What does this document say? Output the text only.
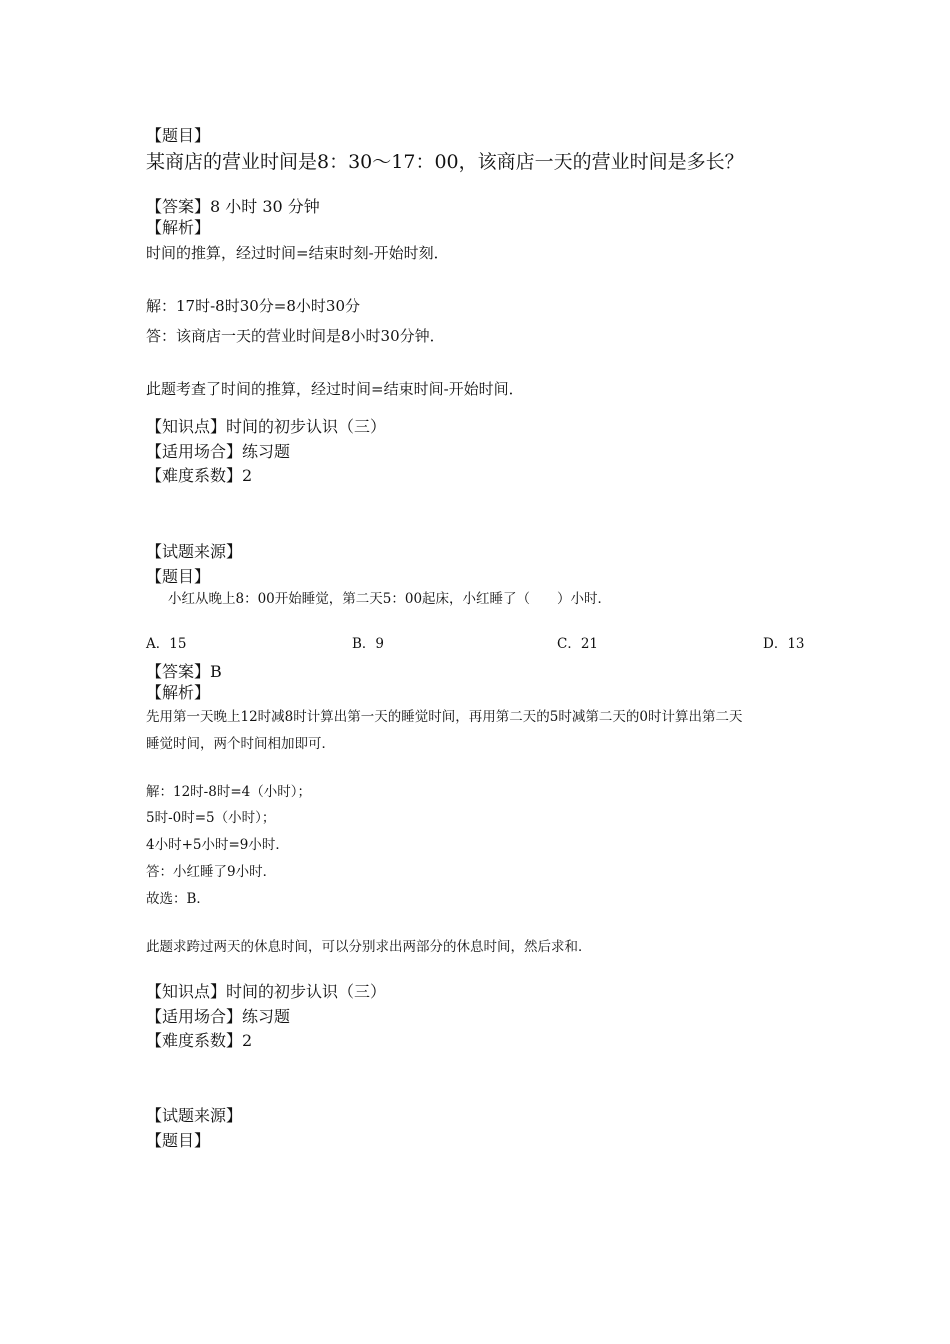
【题目】
某商店的营业时间是8：30～17：00，该商店一天的营业时间是多长？
【答案】8 小时 30 分钟
【解析】
时间的推算，经过时间=结束时刻-开始时刻．
解：17时-8时30分=8小时30分
答：该商店一天的营业时间是8小时30分钟．
此题考查了时间的推算，经过时间=结束时间-开始时间．
【知识点】时间的初步认识（三）
【适用场合】练习题
【难度系数】2
【试题来源】
【题目】
小红从晚上8：00开始睡觉，第二天5：00起床，小红睡了（　　）小时．
A．15	B．9	C．21	D．13
【答案】B
【解析】
先用第一天晚上12时减8时计算出第一天的睡觉时间，再用第二天的5时减第二天的0时计算出第二天
睡觉时间，两个时间相加即可．
解：12时-8时=4（小时）；
5时-0时=5（小时）；
4小时+5小时=9小时．
答：小红睡了9小时．
故选：B．
此题求跨过两天的休息时间，可以分别求出两部分的休息时间，然后求和．
【知识点】时间的初步认识（三）
【适用场合】练习题
【难度系数】2
【试题来源】
【题目】
